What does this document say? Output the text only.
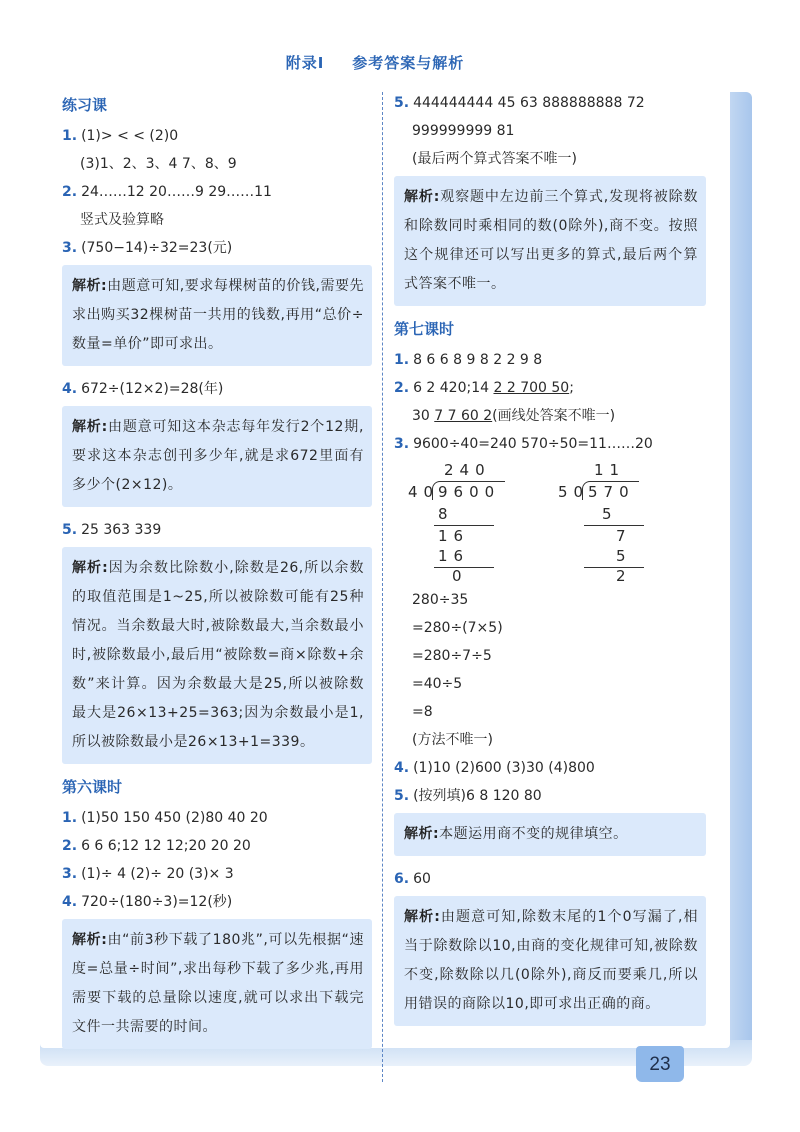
附录Ⅰ 参考答案与解析
练习课
1. (1)> < < (2)0
(3)1、2、3、4 7、8、9
2. 24……12 20……9 29……11
竖式及验算略
3. (750−14)÷32=23(元)
解析:由题意可知,要求每棵树苗的价钱,需要先求出购买32棵树苗一共用的钱数,再用“总价÷数量=单价”即可求出。
4. 672÷(12×2)=28(年)
解析:由题意可知这本杂志每年发行2个12期,要求这本杂志创刊多少年,就是求672里面有多少个(2×12)。
5. 25 363 339
解析:因为余数比除数小,除数是26,所以余数的取值范围是1~25,所以被除数可能有25种情况。当余数最大时,被除数最大,当余数最小时,被除数最小,最后用“被除数=商×除数+余数”来计算。因为余数最大是25,所以被除数最大是26×13+25=363;因为余数最小是1,所以被除数最小是26×13+1=339。
第六课时
1. (1)50 150 450 (2)80 40 20
2. 6 6 6;12 12 12;20 20 20
3. (1)÷ 4 (2)÷ 20 (3)× 3
4. 720÷(180÷3)=12(秒)
解析:由“前3秒下载了180兆”,可以先根据“速度=总量÷时间”,求出每秒下载了多少兆,再用需要下载的总量除以速度,就可以求出下载完文件一共需要的时间。
5. 444444444 45 63 888888888 72
999999999 81
(最后两个算式答案不唯一)
解析:观察题中左边前三个算式,发现将被除数和除数同时乘相同的数(0除外),商不变。按照这个规律还可以写出更多的算式,最后两个算式答案不唯一。
第七课时
1. 8 6 6 8 9 8 2 2 9 8
2. 6 2 420;14 2 2 700 50;
30 7 7 60 2(画线处答案不唯一)
3. 9600÷40=240 570÷50=11……20
240
40
9600
8
16
16
0
11
50
570
5
7
5
2
280÷35
=280÷(7×5)
=280÷7÷5
=40÷5
=8
(方法不唯一)
4. (1)10 (2)600 (3)30 (4)800
5. (按列填)6 8 120 80
解析:本题运用商不变的规律填空。
6. 60
解析:由题意可知,除数末尾的1个0写漏了,相当于除数除以10,由商的变化规律可知,被除数不变,除数除以几(0除外),商反而要乘几,所以用错误的商除以10,即可求出正确的商。
23
